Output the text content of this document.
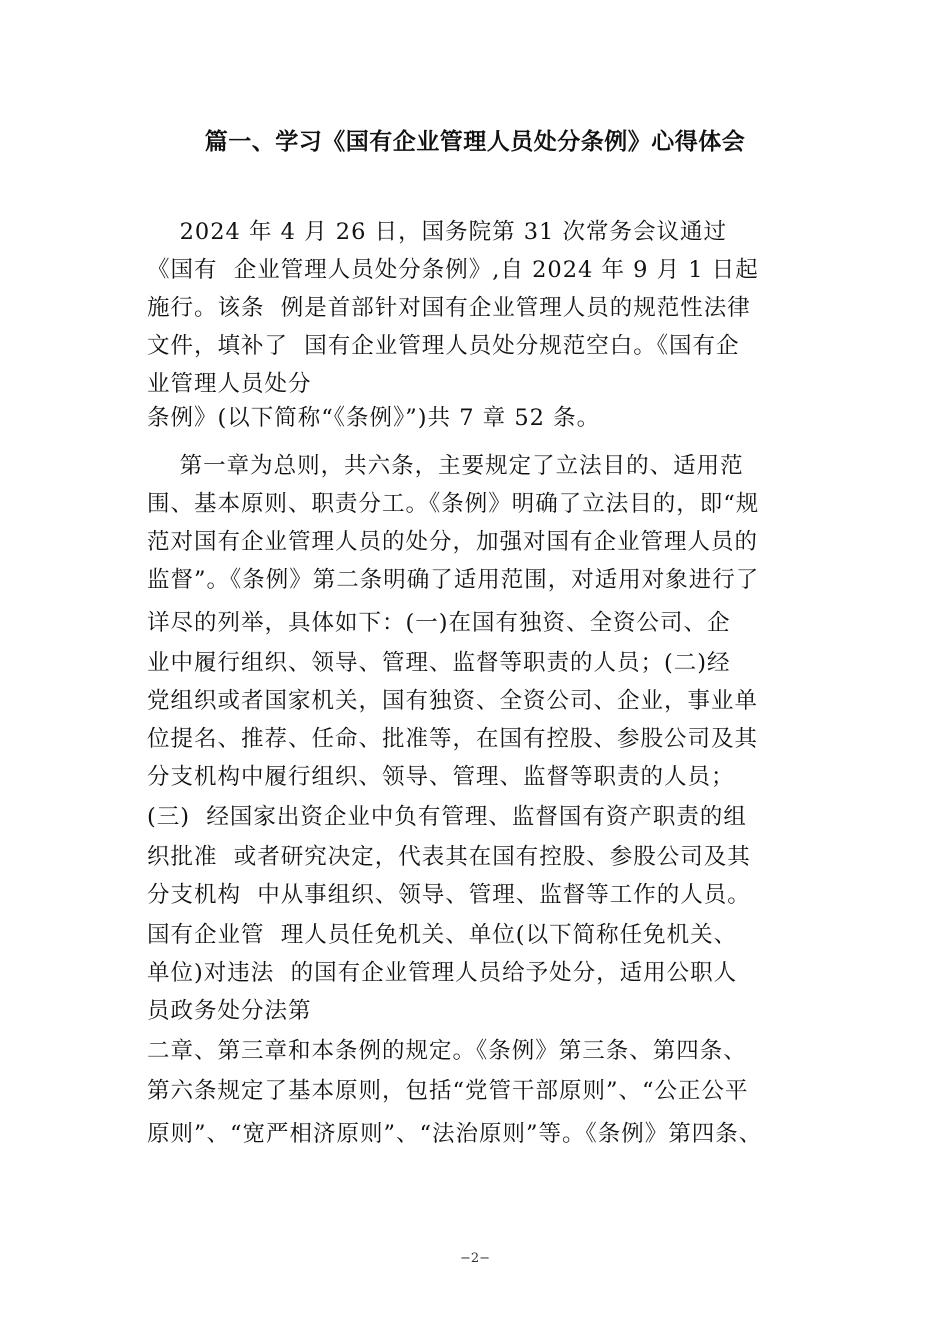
篇一、学习《国有企业管理人员处分条例》心得体会
2024 年 4 月 26 日，国务院第 31 次常务会议通过
《国有  企业管理人员处分条例》,自 2024 年 9 月 1 日起
施行。该条  例是首部针对国有企业管理人员的规范性法律
文件，填补了  国有企业管理人员处分规范空白。《国有企
业管理人员处分
条例》(以下简称“《条例》”)共 7 章 52 条。
第一章为总则，共六条，主要规定了立法目的、适用范
围、基本原则、职责分工。《条例》明确了立法目的，即“规
范对国有企业管理人员的处分，加强对国有企业管理人员的
监督”。《条例》第二条明确了适用范围，对适用对象进行了
详尽的列举，具体如下：(一)在国有独资、全资公司、企
业中履行组织、领导、管理、监督等职责的人员；(二)经
党组织或者国家机关，国有独资、全资公司、企业，事业单
位提名、推荐、任命、批准等，在国有控股、参股公司及其
分支机构中履行组织、领导、管理、监督等职责的人员；
(三)  经国家出资企业中负有管理、监督国有资产职责的组
织批准  或者研究决定，代表其在国有控股、参股公司及其
分支机构  中从事组织、领导、管理、监督等工作的人员。
国有企业管  理人员任免机关、单位(以下简称任免机关、
单位)对违法  的国有企业管理人员给予处分，适用公职人
员政务处分法第
二章、第三章和本条例的规定。《条例》第三条、第四条、
第六条规定了基本原则，包括“党管干部原则”、“公正公平
原则”、“宽严相济原则”、“法治原则”等。《条例》第四条、
−2−
